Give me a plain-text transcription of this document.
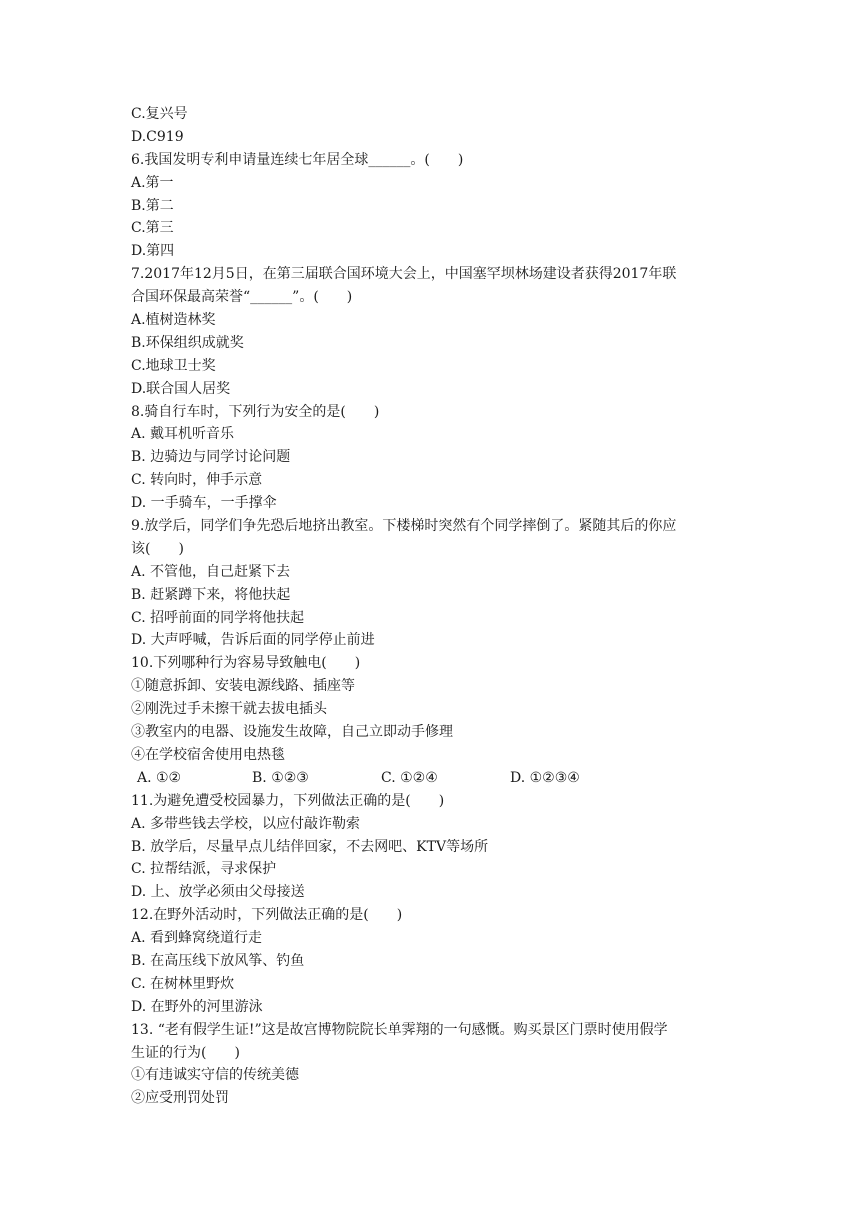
C.复兴号
D.C919
6.我国发明专利申请量连续七年居全球______。(　　)
A.第一
B.第二
C.第三
D.第四
7.2017年12月5日，在第三届联合国环境大会上，中国塞罕坝林场建设者获得2017年联
合国环保最高荣誉“______”。(　　)
A.植树造林奖
B.环保组织成就奖
C.地球卫士奖
D.联合国人居奖
8.骑自行车时，下列行为安全的是(　　)
A. 戴耳机听音乐
B. 边骑边与同学讨论问题
C. 转向时，伸手示意
D. 一手骑车，一手撑伞
9.放学后，同学们争先恐后地挤出教室。下楼梯时突然有个同学摔倒了。紧随其后的你应
该(　　)
A. 不管他，自己赶紧下去
B. 赶紧蹲下来，将他扶起
C. 招呼前面的同学将他扶起
D. 大声呼喊，告诉后面的同学停止前进
10.下列哪种行为容易导致触电(　　)
①随意拆卸、安装电源线路、插座等
②刚洗过手未擦干就去拔电插头
③教室内的电器、设施发生故障，自己立即动手修理
④在学校宿舍使用电热毯
A. ①②	B. ①②③	C. ①②④	D. ①②③④
11.为避免遭受校园暴力，下列做法正确的是(　　)
A. 多带些钱去学校，以应付敲诈勒索
B. 放学后，尽量早点儿结伴回家，不去网吧、KTV等场所
C. 拉帮结派，寻求保护
D. 上、放学必须由父母接送
12.在野外活动时，下列做法正确的是(　　)
A. 看到蜂窝绕道行走
B. 在高压线下放风筝、钓鱼
C. 在树林里野炊
D. 在野外的河里游泳
13. “老有假学生证!”这是故宫博物院院长单霁翔的一句感慨。购买景区门票时使用假学
生证的行为(　　)
①有违诚实守信的传统美德
②应受刑罚处罚
